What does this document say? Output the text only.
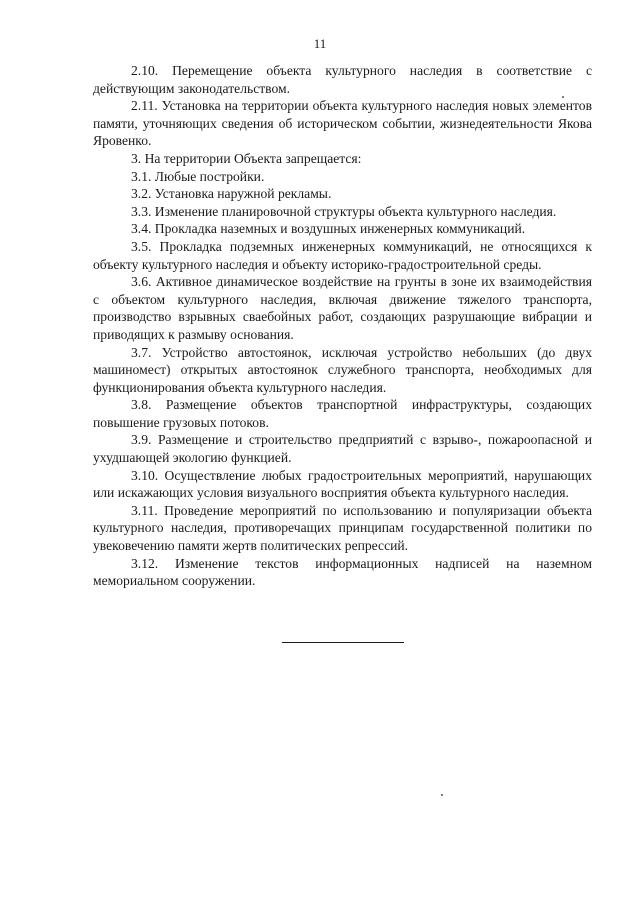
11

2.10. Перемещение объекта культурного наследия в соответствие с действующим законодательством.

2.11. Установка на территории объекта культурного наследия новых элементов памяти, уточняющих сведения об историческом событии, жизнедеятельности Якова Яровенко.

3. На территории Объекта запрещается:

3.1. Любые постройки.

3.2. Установка наружной рекламы.

3.3. Изменение планировочной структуры объекта культурного наследия.

3.4. Прокладка наземных и воздушных инженерных коммуникаций.

3.5. Прокладка подземных инженерных коммуникаций, не относящихся к объекту культурного наследия и объекту историко-градостроительной среды.

3.6. Активное динамическое воздействие на грунты в зоне их взаимодействия с объектом культурного наследия, включая движение тяжелого транспорта, производство взрывных сваебойных работ, создающих разрушающие вибрации и приводящих к размыву основания.

3.7. Устройство автостоянок, исключая устройство небольших (до двух машиномест) открытых автостоянок служебного транспорта, необходимых для функционирования объекта культурного наследия.

3.8. Размещение объектов транспортной инфраструктуры, создающих повышение грузовых потоков.

3.9. Размещение и строительство предприятий с взрыво-, пожароопасной и ухудшающей экологию функцией.

3.10. Осуществление любых градостроительных мероприятий, нарушающих или искажающих условия визуального восприятия объекта культурного наследия.

3.11. Проведение мероприятий по использованию и популяризации объекта культурного наследия, противоречащих принципам государственной политики по увековечению памяти жертв политических репрессий.

3.12. Изменение текстов информационных надписей на наземном мемориальном сооружении.
